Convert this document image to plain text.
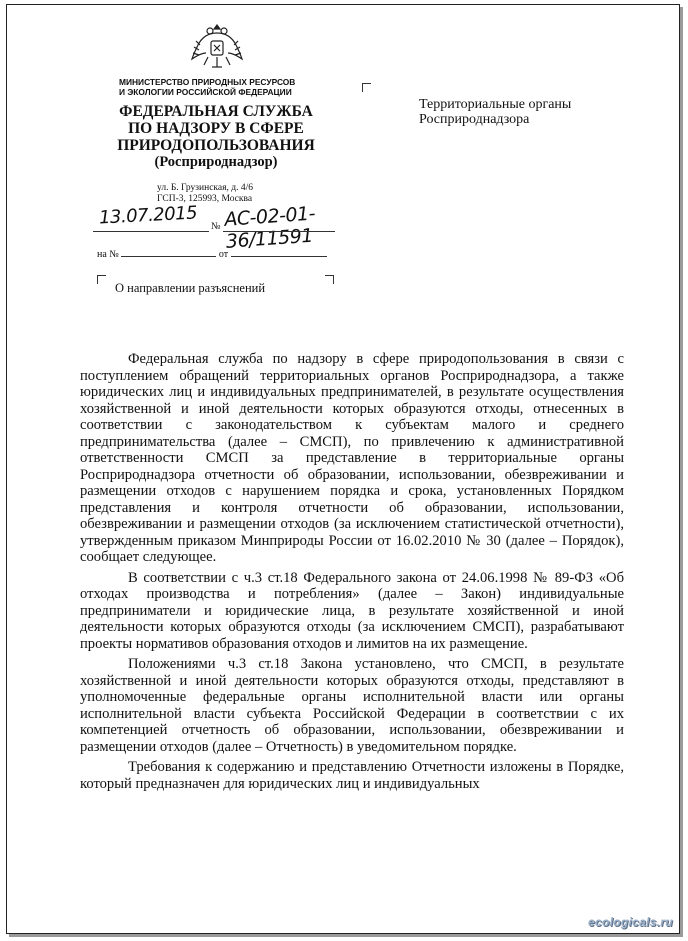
МИНИСТЕРСТВО ПРИРОДНЫХ РЕСУРСОВ
И ЭКОЛОГИИ РОССИЙСКОЙ ФЕДЕРАЦИИ
ФЕДЕРАЛЬНАЯ СЛУЖБА
ПО НАДЗОРУ В СФЕРЕ
ПРИРОДОПОЛЬЗОВАНИЯ
(Росприроднадзор)
ул. Б. Грузинская, д. 4/6
ГСП-3, 125993, Москва
13.07.2015 № АС-02-01-36/11591
на №	от
О направлении разъяснений
Территориальные органы
Росприроднадзора

Федеральная служба по надзору в сфере природопользования в связи с поступлением обращений территориальных органов Росприроднадзора, а также юридических лиц и индивидуальных предпринимателей, в результате осуществления хозяйственной и иной деятельности которых образуются отходы, отнесенных в соответствии с законодательством к субъектам малого и среднего предпринимательства (далее – СМСП), по привлечению к административной ответственности СМСП за представление в территориальные органы Росприроднадзора отчетности об образовании, использовании, обезвреживании и размещении отходов с нарушением порядка и срока, установленных Порядком представления и контроля отчетности об образовании, использовании, обезвреживании и размещении отходов (за исключением статистической отчетности), утвержденным приказом Минприроды России от 16.02.2010 № 30 (далее – Порядок), сообщает следующее.

В соответствии с ч.3 ст.18 Федерального закона от 24.06.1998 № 89-ФЗ «Об отходах производства и потребления» (далее – Закон) индивидуальные предприниматели и юридические лица, в результате хозяйственной и иной деятельности которых образуются отходы (за исключением СМСП), разрабатывают проекты нормативов образования отходов и лимитов на их размещение.

Положениями ч.3 ст.18 Закона установлено, что СМСП, в результате хозяйственной и иной деятельности которых образуются отходы, представляют в уполномоченные федеральные органы исполнительной власти или органы исполнительной власти субъекта Российской Федерации в соответствии с их компетенцией отчетность об образовании, использовании, обезвреживании и размещении отходов (далее – Отчетность) в уведомительном порядке.

Требования к содержанию и представлению Отчетности изложены в Порядке, который предназначен для юридических лиц и индивидуальных

ecologicals.ru
